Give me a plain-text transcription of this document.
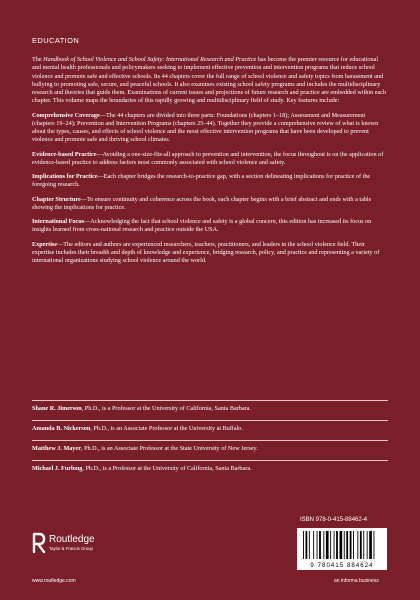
EDUCATION

The Handbook of School Violence and School Safety: International Research and Practice has become the premier resource for educational and mental health professionals and policymakers seeking to implement effective prevention and intervention programs that reduce school violence and promote safe and effective schools. Its 44 chapters cover the full range of school violence and safety topics from harassment and bullying to promoting safe, secure, and peaceful schools. It also examines existing school safety programs and includes the multidisciplinary research and theories that guide them. Examinations of current issues and projections of future research and practice are embedded within each chapter. This volume maps the boundaries of this rapidly growing and multidisciplinary field of study. Key features include:

Comprehensive Coverage—The 44 chapters are divided into three parts: Foundations (chapters 1–18); Assessment and Measurement (chapters 19–24); Prevention and Intervention Programs (chapters 25–44). Together they provide a comprehensive review of what is known about the types, causes, and effects of school violence and the most effective intervention programs that have been developed to prevent violence and promote safe and thriving school climates.

Evidence-based Practice—Avoiding a one-size-fits-all approach to prevention and intervention, the focus throughout is on the application of evidence-based practice to address factors most commonly associated with school violence and safety.

Implications for Practice—Each chapter bridges the research-to-practice gap, with a section delineating implications for practice of the foregoing research.

Chapter Structure—To ensure continuity and coherence across the book, each chapter begins with a brief abstract and ends with a table showing the implications for practice.

International Focus—Acknowledging the fact that school violence and safety is a global concern, this edition has increased its focus on insights learned from cross-national research and practice outside the USA.

Expertise—The editors and authors are experienced researchers, teachers, practitioners, and leaders in the school violence field. Their expertise includes their breadth and depth of knowledge and experience, bridging research, policy, and practice and representing a variety of international organizations studying school violence around the world.

Shane R. Jimerson, Ph.D., is a Professor at the University of California, Santa Barbara.
Amanda B. Nickerson, Ph.D., is an Associate Professor at the University at Buffalo.
Matthew J. Mayer, Ph.D., is an Associate Professor at the State University of New Jersey.
Michael J. Furlong, Ph.D., is a Professor at the University of California, Santa Barbara.
Routledge
Taylor & Francis Group
www.routledge.com
ISBN 978-0-415-88462-4
9 780415 884624
an informa business
